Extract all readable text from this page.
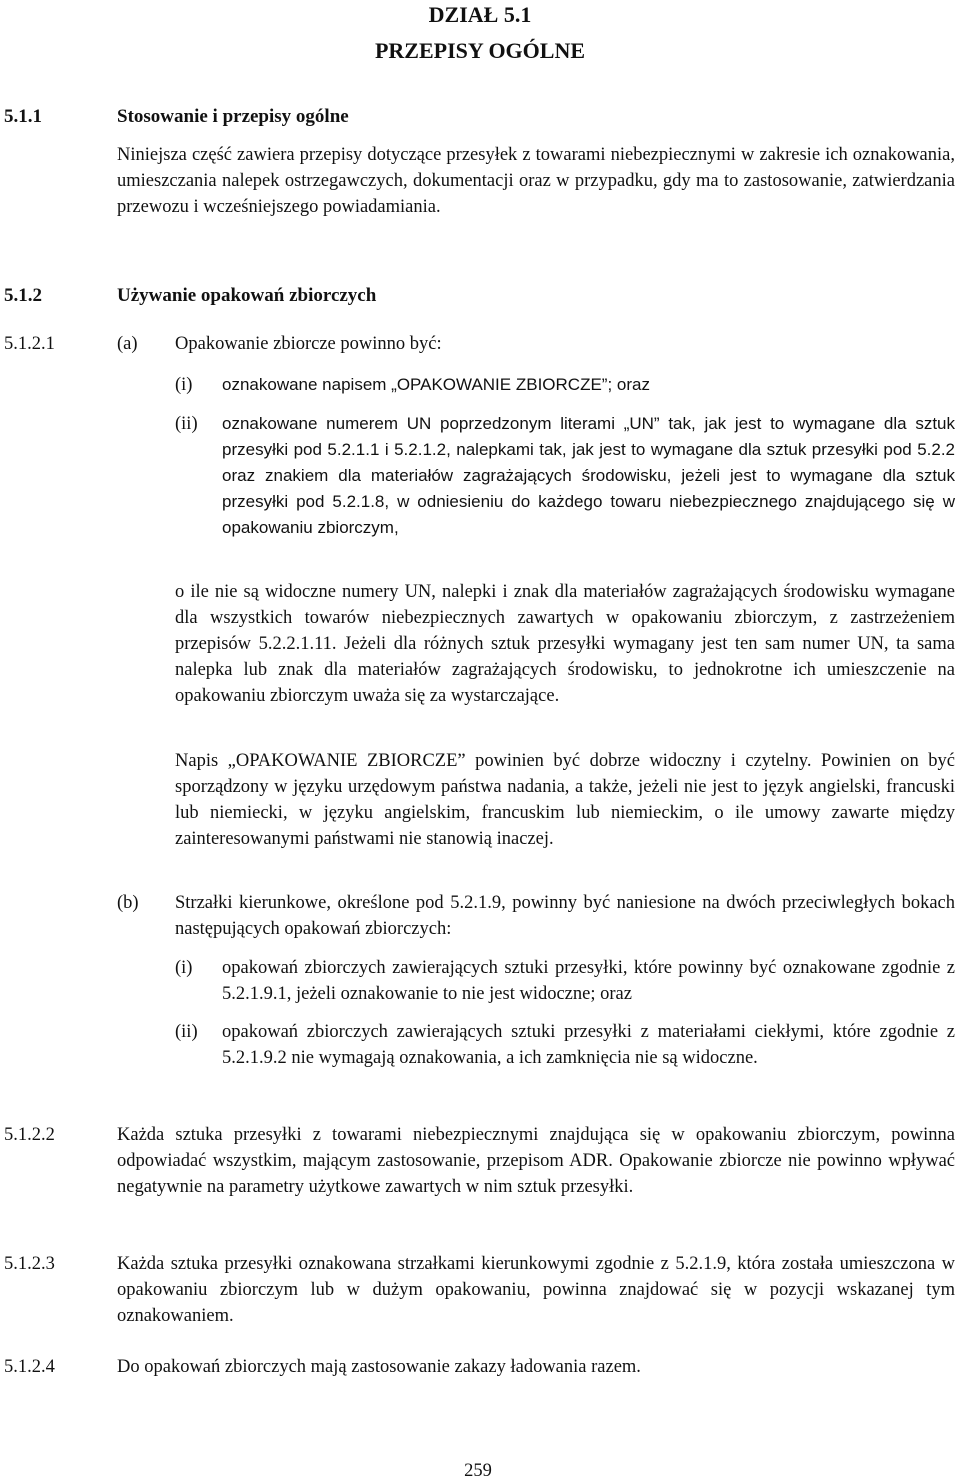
DZIAŁ 5.1
PRZEPISY OGÓLNE
5.1.1	Stosowanie i przepisy ogólne
Niniejsza część zawiera przepisy dotyczące przesyłek z towarami niebezpiecznymi w zakresie ich oznakowania, umieszczania nalepek ostrzegawczych, dokumentacji oraz w przypadku, gdy ma to zastosowanie, zatwierdzania przewozu i wcześniejszego powiadamiania.
5.1.2	Używanie opakowań zbiorczych
5.1.2.1	(a) Opakowanie zbiorcze powinno być:
(i) oznakowane napisem „OPAKOWANIE ZBIORCZE”; oraz
(ii) oznakowane numerem UN poprzedzonym literami „UN” tak, jak jest to wymagane dla sztuk przesyłki pod 5.2.1.1 i 5.2.1.2, nalepkami tak, jak jest to wymagane dla sztuk przesyłki pod 5.2.2 oraz znakiem dla materiałów zagrażających środowisku, jeżeli jest to wymagane dla sztuk przesyłki pod 5.2.1.8, w odniesieniu do każdego towaru niebezpiecznego znajdującego się w opakowaniu zbiorczym,
o ile nie są widoczne numery UN, nalepki i znak dla materiałów zagrażających środowisku wymagane dla wszystkich towarów niebezpiecznych zawartych w opakowaniu zbiorczym, z zastrzeżeniem przepisów 5.2.2.1.11. Jeżeli dla różnych sztuk przesyłki wymagany jest ten sam numer UN, ta sama nalepka lub znak dla materiałów zagrażających środowisku, to jednokrotne ich umieszczenie na opakowaniu zbiorczym uważa się za wystarczające.
Napis „OPAKOWANIE ZBIORCZE” powinien być dobrze widoczny i czytelny. Powinien on być sporządzony w języku urzędowym państwa nadania, a także, jeżeli nie jest to język angielski, francuski lub niemiecki, w języku angielskim, francuskim lub niemieckim, o ile umowy zawarte między zainteresowanymi państwami nie stanowią inaczej.
(b) Strzałki kierunkowe, określone pod 5.2.1.9, powinny być naniesione na dwóch przeciwległych bokach następujących opakowań zbiorczych:
(i) opakowań zbiorczych zawierających sztuki przesyłki, które powinny być oznakowane zgodnie z 5.2.1.9.1, jeżeli oznakowanie to nie jest widoczne; oraz
(ii) opakowań zbiorczych zawierających sztuki przesyłki z materiałami ciekłymi, które zgodnie z 5.2.1.9.2 nie wymagają oznakowania, a ich zamknięcia nie są widoczne.
5.1.2.2	Każda sztuka przesyłki z towarami niebezpiecznymi znajdująca się w opakowaniu zbiorczym, powinna odpowiadać wszystkim, mającym zastosowanie, przepisom ADR. Opakowanie zbiorcze nie powinno wpływać negatywnie na parametry użytkowe zawartych w nim sztuk przesyłki.
5.1.2.3	Każda sztuka przesyłki oznakowana strzałkami kierunkowymi zgodnie z 5.2.1.9, która została umieszczona w opakowaniu zbiorczym lub w dużym opakowaniu, powinna znajdować się w pozycji wskazanej tym oznakowaniem.
5.1.2.4	Do opakowań zbiorczych mają zastosowanie zakazy ładowania razem.
259
